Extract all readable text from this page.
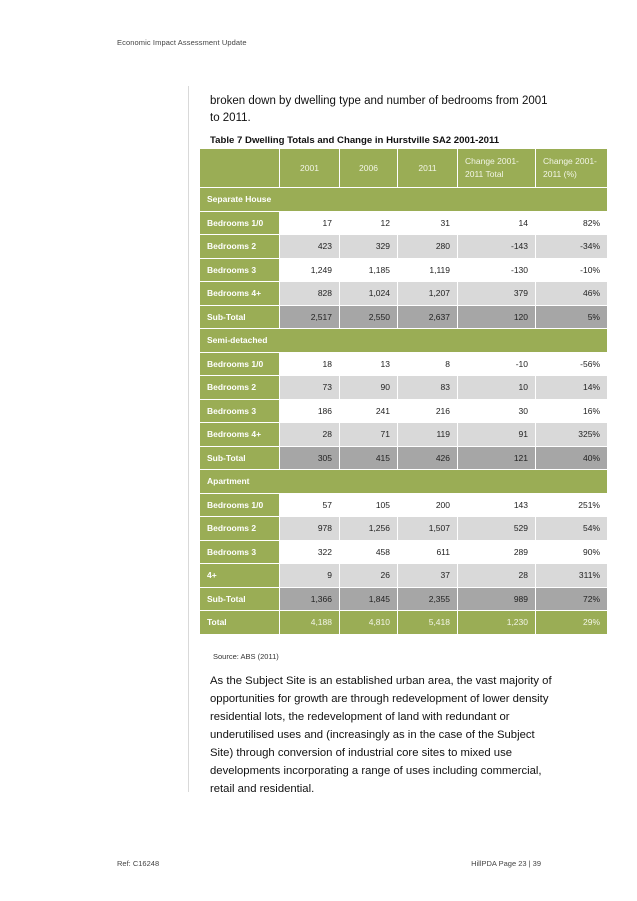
Economic Impact Assessment Update
broken down by dwelling type and number of bedrooms from 2001 to 2011.
Table 7 Dwelling Totals and Change in Hurstville SA2 2001-2011
	2001	2006	2011	Change 2001-2011 Total	Change 2001-2011 (%)
Separate House					
Bedrooms 1/0	17	12	31	14	82%
Bedrooms 2	423	329	280	-143	-34%
Bedrooms 3	1,249	1,185	1,119	-130	-10%
Bedrooms 4+	828	1,024	1,207	379	46%
Sub-Total	2,517	2,550	2,637	120	5%
Semi-detached					
Bedrooms 1/0	18	13	8	-10	-56%
Bedrooms 2	73	90	83	10	14%
Bedrooms 3	186	241	216	30	16%
Bedrooms 4+	28	71	119	91	325%
Sub-Total	305	415	426	121	40%
Apartment					
Bedrooms 1/0	57	105	200	143	251%
Bedrooms 2	978	1,256	1,507	529	54%
Bedrooms 3	322	458	611	289	90%
4+	9	26	37	28	311%
Sub-Total	1,366	1,845	2,355	989	72%
Total	4,188	4,810	5,418	1,230	29%
Source: ABS (2011)
As the Subject Site is an established urban area, the vast majority of opportunities for growth are through redevelopment of lower density residential lots, the redevelopment of land with redundant or underutilised uses and (increasingly as in the case of the Subject Site) through conversion of industrial core sites to mixed use developments incorporating a range of uses including commercial, retail and residential.
Ref: C16248	HillPDA Page 23 | 39
